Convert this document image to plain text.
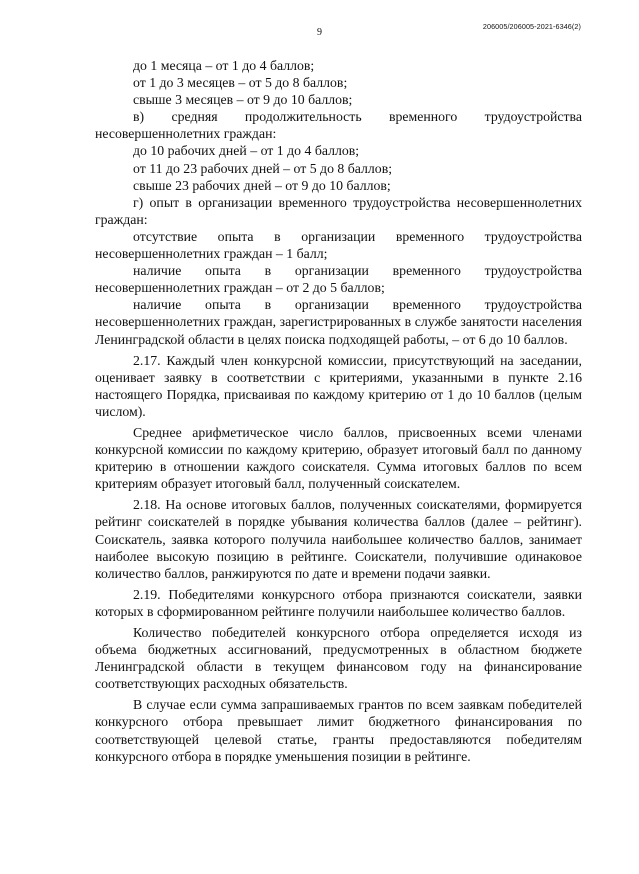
9
206005/206005-2021-6346(2)

до 1 месяца – от 1 до 4 баллов;

от 1 до 3 месяцев – от 5 до 8 баллов;

свыше 3 месяцев – от 9 до 10 баллов;

в) средняя продолжительность временного трудоустройства несовершеннолетних граждан:

до 10 рабочих дней – от 1 до 4 баллов;

от 11 до 23 рабочих дней – от 5 до 8 баллов;

свыше 23 рабочих дней – от 9 до 10 баллов;

г) опыт в организации временного трудоустройства несовершеннолетних граждан:

отсутствие опыта в организации временного трудоустройства несовершеннолетних граждан – 1 балл;

наличие опыта в организации временного трудоустройства несовершеннолетних граждан – от 2 до 5 баллов;

наличие опыта в организации временного трудоустройства несовершеннолетних граждан, зарегистрированных в службе занятости населения Ленинградской области в целях поиска подходящей работы, – от 6 до 10 баллов.

2.17. Каждый член конкурсной комиссии, присутствующий на заседании, оценивает заявку в соответствии с критериями, указанными в пункте 2.16 настоящего Порядка, присваивая по каждому критерию от 1 до 10 баллов (целым числом).

Среднее арифметическое число баллов, присвоенных всеми членами конкурсной комиссии по каждому критерию, образует итоговый балл по данному критерию в отношении каждого соискателя. Сумма итоговых баллов по всем критериям образует итоговый балл, полученный соискателем.

2.18. На основе итоговых баллов, полученных соискателями, формируется рейтинг соискателей в порядке убывания количества баллов (далее – рейтинг). Соискатель, заявка которого получила наибольшее количество баллов, занимает наиболее высокую позицию в рейтинге. Соискатели, получившие одинаковое количество баллов, ранжируются по дате и времени подачи заявки.

2.19. Победителями конкурсного отбора признаются соискатели, заявки которых в сформированном рейтинге получили наибольшее количество баллов.

Количество победителей конкурсного отбора определяется исходя из объема бюджетных ассигнований, предусмотренных в областном бюджете Ленинградской области в текущем финансовом году на финансирование соответствующих расходных обязательств.

В случае если сумма запрашиваемых грантов по всем заявкам победителей конкурсного отбора превышает лимит бюджетного финансирования по соответствующей целевой статье, гранты предоставляются победителям конкурсного отбора в порядке уменьшения позиции в рейтинге.
